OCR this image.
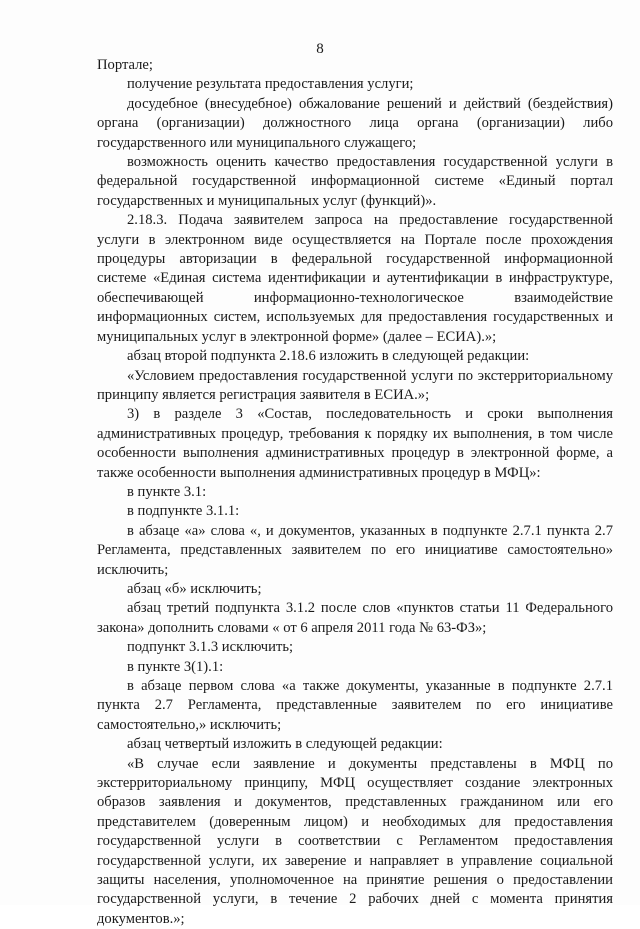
8

Портале;

получение результата предоставления услуги;

досудебное (внесудебное) обжалование решений и действий (бездействия) органа (организации) должностного лица органа (организации) либо государственного или муниципального служащего;

возможность оценить качество предоставления государственной услуги в федеральной государственной информационной системе «Единый портал государственных и муниципальных услуг (функций)».

2.18.3. Подача заявителем запроса на предоставление государственной услуги в электронном виде осуществляется на Портале после прохождения процедуры авторизации в федеральной государственной информационной системе «Единая система идентификации и аутентификации в инфраструктуре, обеспечивающей информационно-технологическое взаимодействие информационных систем, используемых для предоставления государственных и муниципальных услуг в электронной форме» (далее – ЕСИА).»;

абзац второй подпункта 2.18.6 изложить в следующей редакции:

«Условием предоставления государственной услуги по экстерриториальному принципу является регистрация заявителя в ЕСИА.»;

3) в разделе 3 «Состав, последовательность и сроки выполнения административных процедур, требования к порядку их выполнения, в том числе особенности выполнения административных процедур в электронной форме, а также особенности выполнения административных процедур в МФЦ»:

в пункте 3.1:

в подпункте 3.1.1:

в абзаце «а» слова «, и документов, указанных в подпункте 2.7.1 пункта 2.7 Регламента, представленных заявителем по его инициативе самостоятельно» исключить;

абзац «б» исключить;

абзац третий подпункта 3.1.2 после слов «пунктов статьи 11 Федерального закона» дополнить словами « от 6 апреля 2011 года № 63-ФЗ»;

подпункт 3.1.3 исключить;

в пункте 3(1).1:

в абзаце первом слова «а также документы, указанные в подпункте 2.7.1 пункта 2.7 Регламента, представленные заявителем по его инициативе самостоятельно,» исключить;

абзац четвертый изложить в следующей редакции:

«В случае если заявление и документы представлены в МФЦ по экстерриториальному принципу, МФЦ осуществляет создание электронных образов заявления и документов, представленных гражданином или его представителем (доверенным лицом) и необходимых для предоставления государственной услуги в соответствии с Регламентом предоставления государственной услуги, их заверение и направляет в управление социальной защиты населения, уполномоченное на принятие решения о предоставлении государственной услуги, в течение 2 рабочих дней с момента принятия документов.»;
